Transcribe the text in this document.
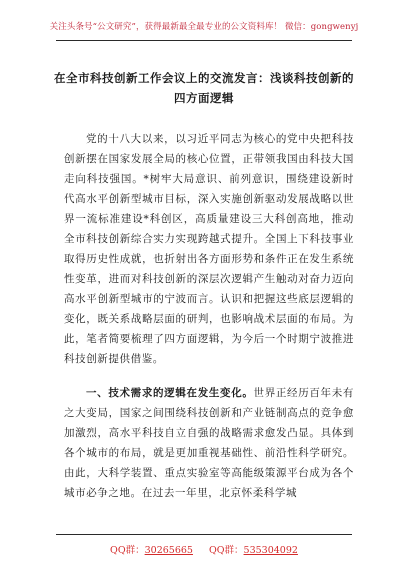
关注头条号“公文研究”，获得最新最全最专业的公文资料库！ 微信：gongwenyj
在全市科技创新工作会议上的交流发言：浅谈科技创新的
四方面逻辑

党的十八大以来，以习近平同志为核心的党中央把科技创新摆在国家发展全局的核心位置，正带领我国由科技大国走向科技强国。*树牢大局意识、前列意识，围绕建设新时代高水平创新型城市目标，深入实施创新驱动发展战略以世界一流标准建设*科创区，高质量建设三大科创高地，推动全市科技创新综合实力实现跨越式提升。全国上下科技事业取得历史性成就，也折射出各方面形势和条件正在发生系统性变革，进而对科技创新的深层次逻辑产生触动对奋力迈向高水平创新型城市的宁波而言。认识和把握这些底层逻辑的变化，既关系战略层面的研判，也影响战术层面的布局。为此，笔者简要梳理了四方面逻辑，为今后一个时期宁波推进科技创新提供借鉴。

一、技术需求的逻辑在发生变化。世界正经历百年未有之大变局，国家之间围绕科技创新和产业链制高点的竞争愈加激烈，高水平科技自立自强的战略需求愈发凸显。具体到各个城市的布局，就是更加重视基础性、前沿性科学研究。由此，大科学装置、重点实验室等高能级策源平台成为各个城市必争之地。在过去一年里，北京怀柔科学城

QQ群：30265665 QQ群：535304092
